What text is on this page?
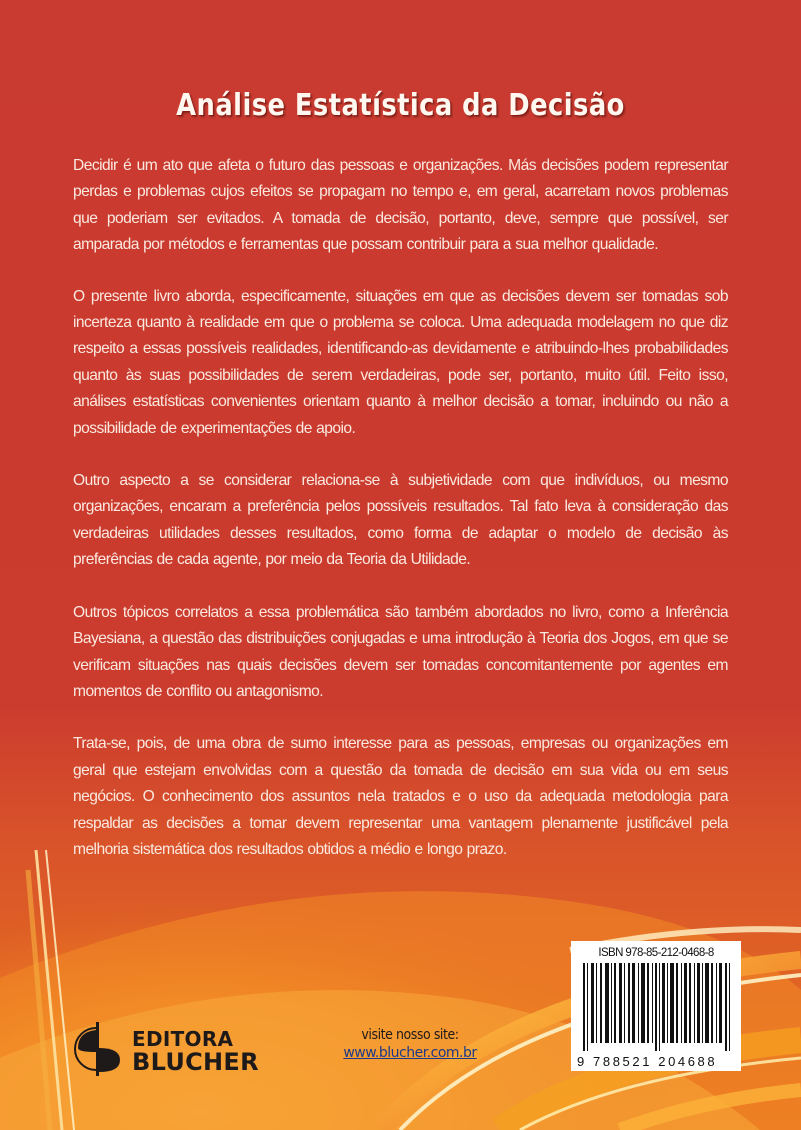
Análise Estatística da Decisão

Decidir é um ato que afeta o futuro das pessoas e organizações. Más decisões podem representar perdas e problemas cujos efeitos se propagam no tempo e, em geral, acarretam novos problemas que poderiam ser evitados. A tomada de decisão, portanto, deve, sempre que possível, ser amparada por métodos e ferramentas que possam contribuir para a sua melhor qualidade.

O presente livro aborda, especificamente, situações em que as decisões devem ser tomadas sob incerteza quanto à realidade em que o problema se coloca. Uma adequada modelagem no que diz respeito a essas possíveis realidades, identificando-as devidamente e atribuindo-lhes probabilidades quanto às suas possibilidades de serem verdadeiras, pode ser, portanto, muito útil. Feito isso, análises estatísticas convenientes orientam quanto à melhor decisão a tomar, incluindo ou não a possibilidade de experimentações de apoio.

Outro aspecto a se considerar relaciona-se à subjetividade com que indivíduos, ou mesmo organizações, encaram a preferência pelos possíveis resultados. Tal fato leva à consideração das verdadeiras utilidades desses resultados, como forma de adaptar o modelo de decisão às preferências de cada agente, por meio da Teoria da Utilidade.

Outros tópicos correlatos a essa problemática são também abordados no livro, como a Inferência Bayesiana, a questão das distribuições conjugadas e uma introdução à Teoria dos Jogos, em que se verificam situações nas quais decisões devem ser tomadas concomitantemente por agentes em momentos de conflito ou antagonismo.

Trata-se, pois, de uma obra de sumo interesse para as pessoas, empresas ou organizações em geral que estejam envolvidas com a questão da tomada de decisão em sua vida ou em seus negócios. O conhecimento dos assuntos nela tratados e o uso da adequada metodologia para respaldar as decisões a tomar devem representar uma vantagem plenamente justificável pela melhoria sistemática dos resultados obtidos a médio e longo prazo.

ISBN 978-85-212-0468-8
9 788521 204688
EDITORA
BLUCHER
visite nosso site:
www.blucher.com.br
